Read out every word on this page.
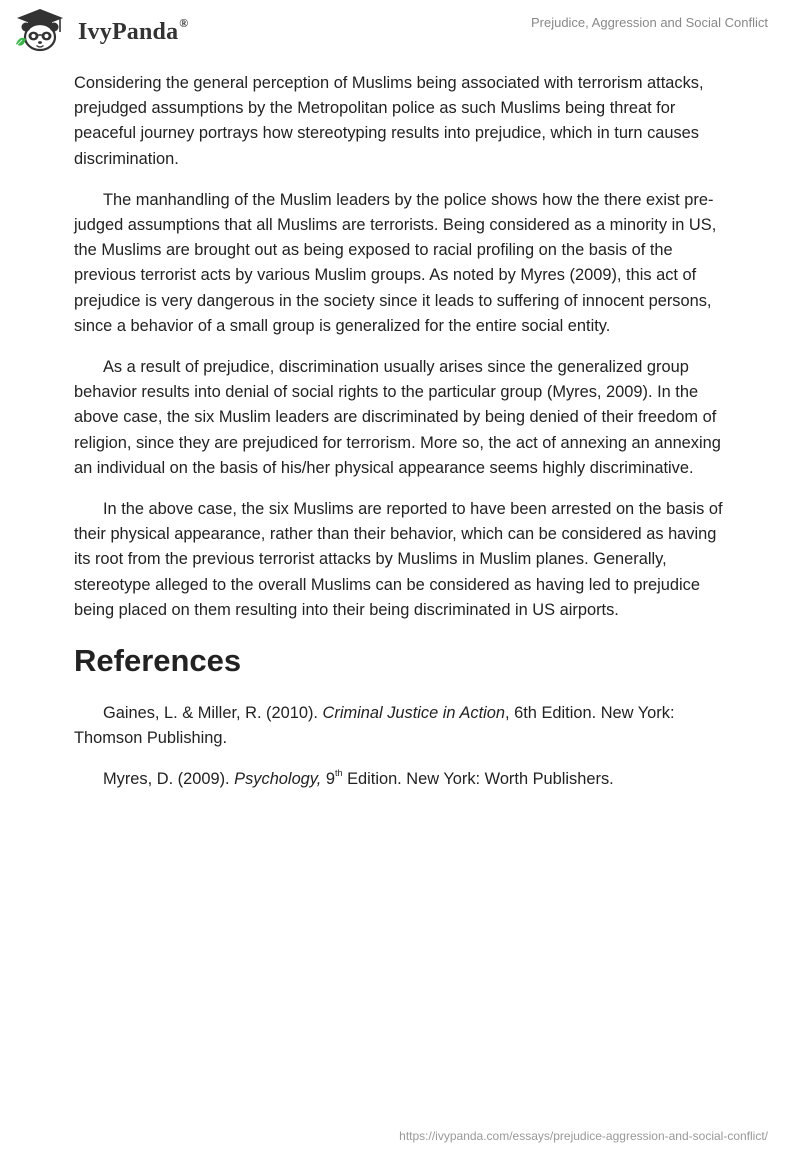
IvyPanda®	Prejudice, Aggression and Social Conflict

Considering the general perception of Muslims being associated with terrorism attacks, prejudged assumptions by the Metropolitan police as such Muslims being threat for peaceful journey portrays how stereotyping results into prejudice, which in turn causes discrimination.

The manhandling of the Muslim leaders by the police shows how the there exist pre-judged assumptions that all Muslims are terrorists. Being considered as a minority in US, the Muslims are brought out as being exposed to racial profiling on the basis of the previous terrorist acts by various Muslim groups. As noted by Myres (2009), this act of prejudice is very dangerous in the society since it leads to suffering of innocent persons, since a behavior of a small group is generalized for the entire social entity.

As a result of prejudice, discrimination usually arises since the generalized group behavior results into denial of social rights to the particular group (Myres, 2009). In the above case, the six Muslim leaders are discriminated by being denied of their freedom of religion, since they are prejudiced for terrorism. More so, the act of annexing an annexing an individual on the basis of his/her physical appearance seems highly discriminative.

In the above case, the six Muslims are reported to have been arrested on the basis of their physical appearance, rather than their behavior, which can be considered as having its root from the previous terrorist attacks by Muslims in Muslim planes. Generally, stereotype alleged to the overall Muslims can be considered as having led to prejudice being placed on them resulting into their being discriminated in US airports.

References

Gaines, L. & Miller, R. (2010). Criminal Justice in Action, 6th Edition. New York: Thomson Publishing.

Myres, D. (2009). Psychology, 9th Edition. New York: Worth Publishers.

https://ivypanda.com/essays/prejudice-aggression-and-social-conflict/
